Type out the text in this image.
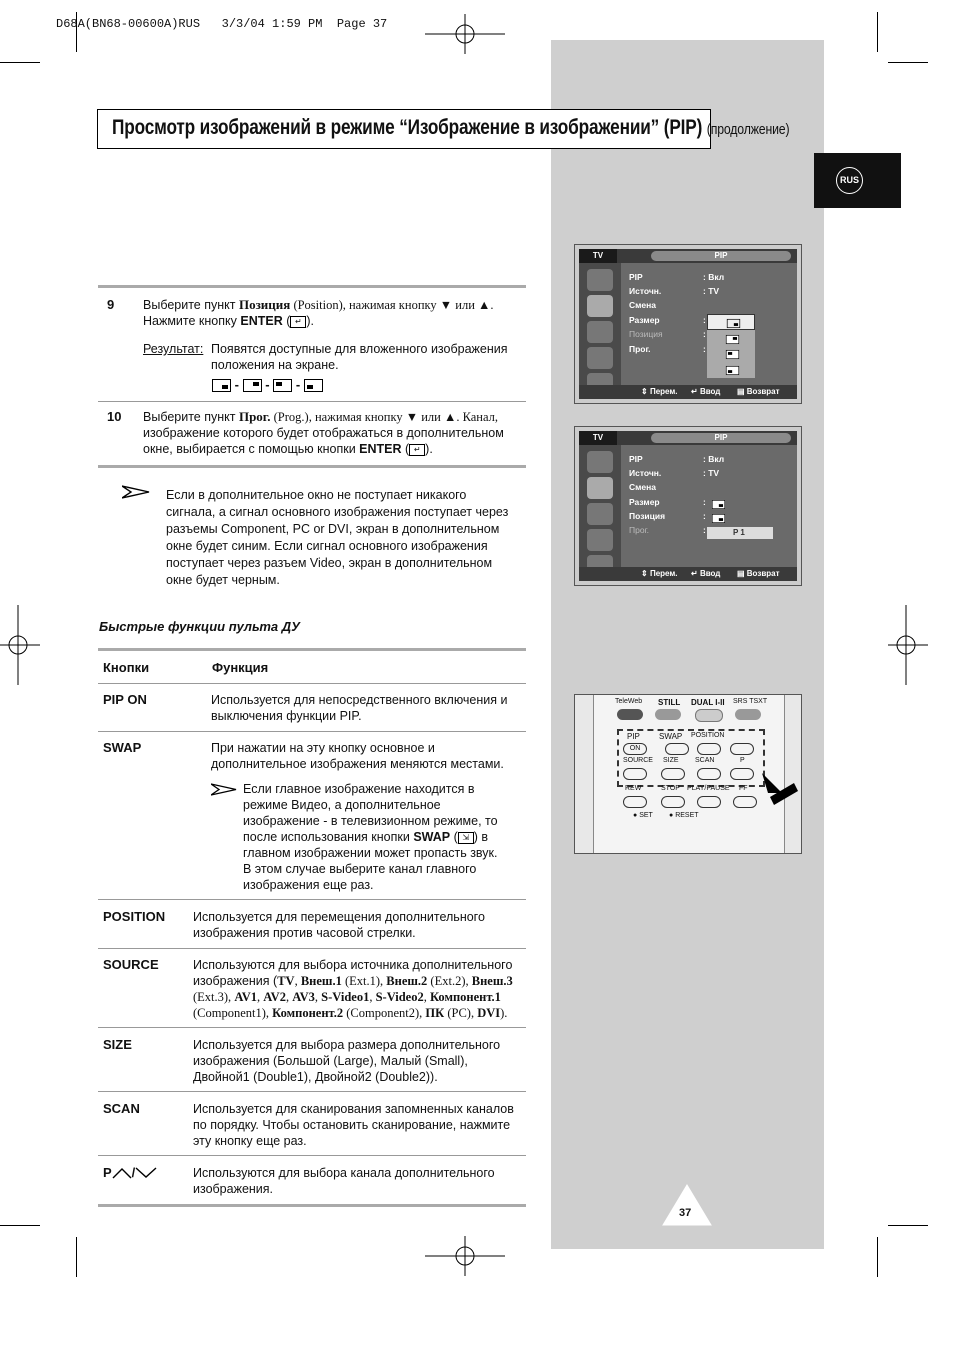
D68A(BN68-00600A)RUS   3/3/04 1:59 PM  Page 37
Просмотр изображений в режиме “Изображение в изображении” (PIP) (продолжение)
RUS
9 Выберите пункт Позиция (Position), нажимая кнопку ▼ или ▲.
Нажмите кнопку ENTER ( ↵ ).
Результат: Появятся доступные для вложенного изображения
положения на экране.
- - -
10 Выберите пункт Прог. (Prog.), нажимая кнопку ▼ или ▲. Канал,
изображение которого будет отображаться в дополнительном
окне, выбирается с помощью кнопки ENTER ( ↵ ).
Если в дополнительное окно не поступает никакого
сигнала, а сигнал основного изображения поступает через
разъемы Component, PC or DVI, экран в дополнительном
окне будет синим. Если сигнал основного изображения
поступает через разъем Video, экран в дополнительном
окне будет черным.
Быстрые функции пульта ДУ
Кнопки	Функция
PIP ON	Используется для непосредственного включения и
выключения функции PIP.
SWAP	При нажатии на эту кнопку основное и
дополнительное изображения меняются местами.
Если главное изображение находится в
режиме Видео, а дополнительное
изображение - в телевизионном режиме, то
после использования кнопки SWAP ( ⇲ ) в
главном изображении может пропасть звук.
В этом случае выберите канал главного
изображения еще раз.
POSITION Используется для перемещения дополнительного
изображения против часовой стрелки.
SOURCE	Используются для выбора источника дополнительного
изображения (TV, Внеш.1 (Ext.1), Внеш.2 (Ext.2), Внеш.3
(Ext.3), AV1, AV2, AV3, S-Video1, S-Video2, Компонент.1
(Component1), Компонент.2 (Component2), ПК (PC), DVI).
SIZE	Используется для выбора размера дополнительного
изображения (Большой (Large), Малый (Small),
Двойной1 (Double1), Двойной2 (Double2)).
SCAN	Используется для сканирования запомненных каналов
по порядку. Чтобы остановить сканирование, нажмите
эту кнопку еще раз.
P /	Используются для выбора канала дополнительного
изображения.
TV	PIP
PIP	: Вкл
Источн.	: TV
Смена
Размер	:
Позиция	:
Прог.	:
⇕ Перем. ↵ Ввод ▤ Возврат
TV	PIP
PIP	: Вкл
Источн.	: TV
Смена
Размер	:
Позиция	:
Прог.	:	P 1
⇕ Перем. ↵ Ввод ▤ Возврат
TeleWeb STILL DUAL I-II SRS TSXT
PIP SWAP POSITION
ON
SOURCE SIZE SCAN	P
REW	STOP PLAY/PAUSE FF
● SET ● RESET
37
